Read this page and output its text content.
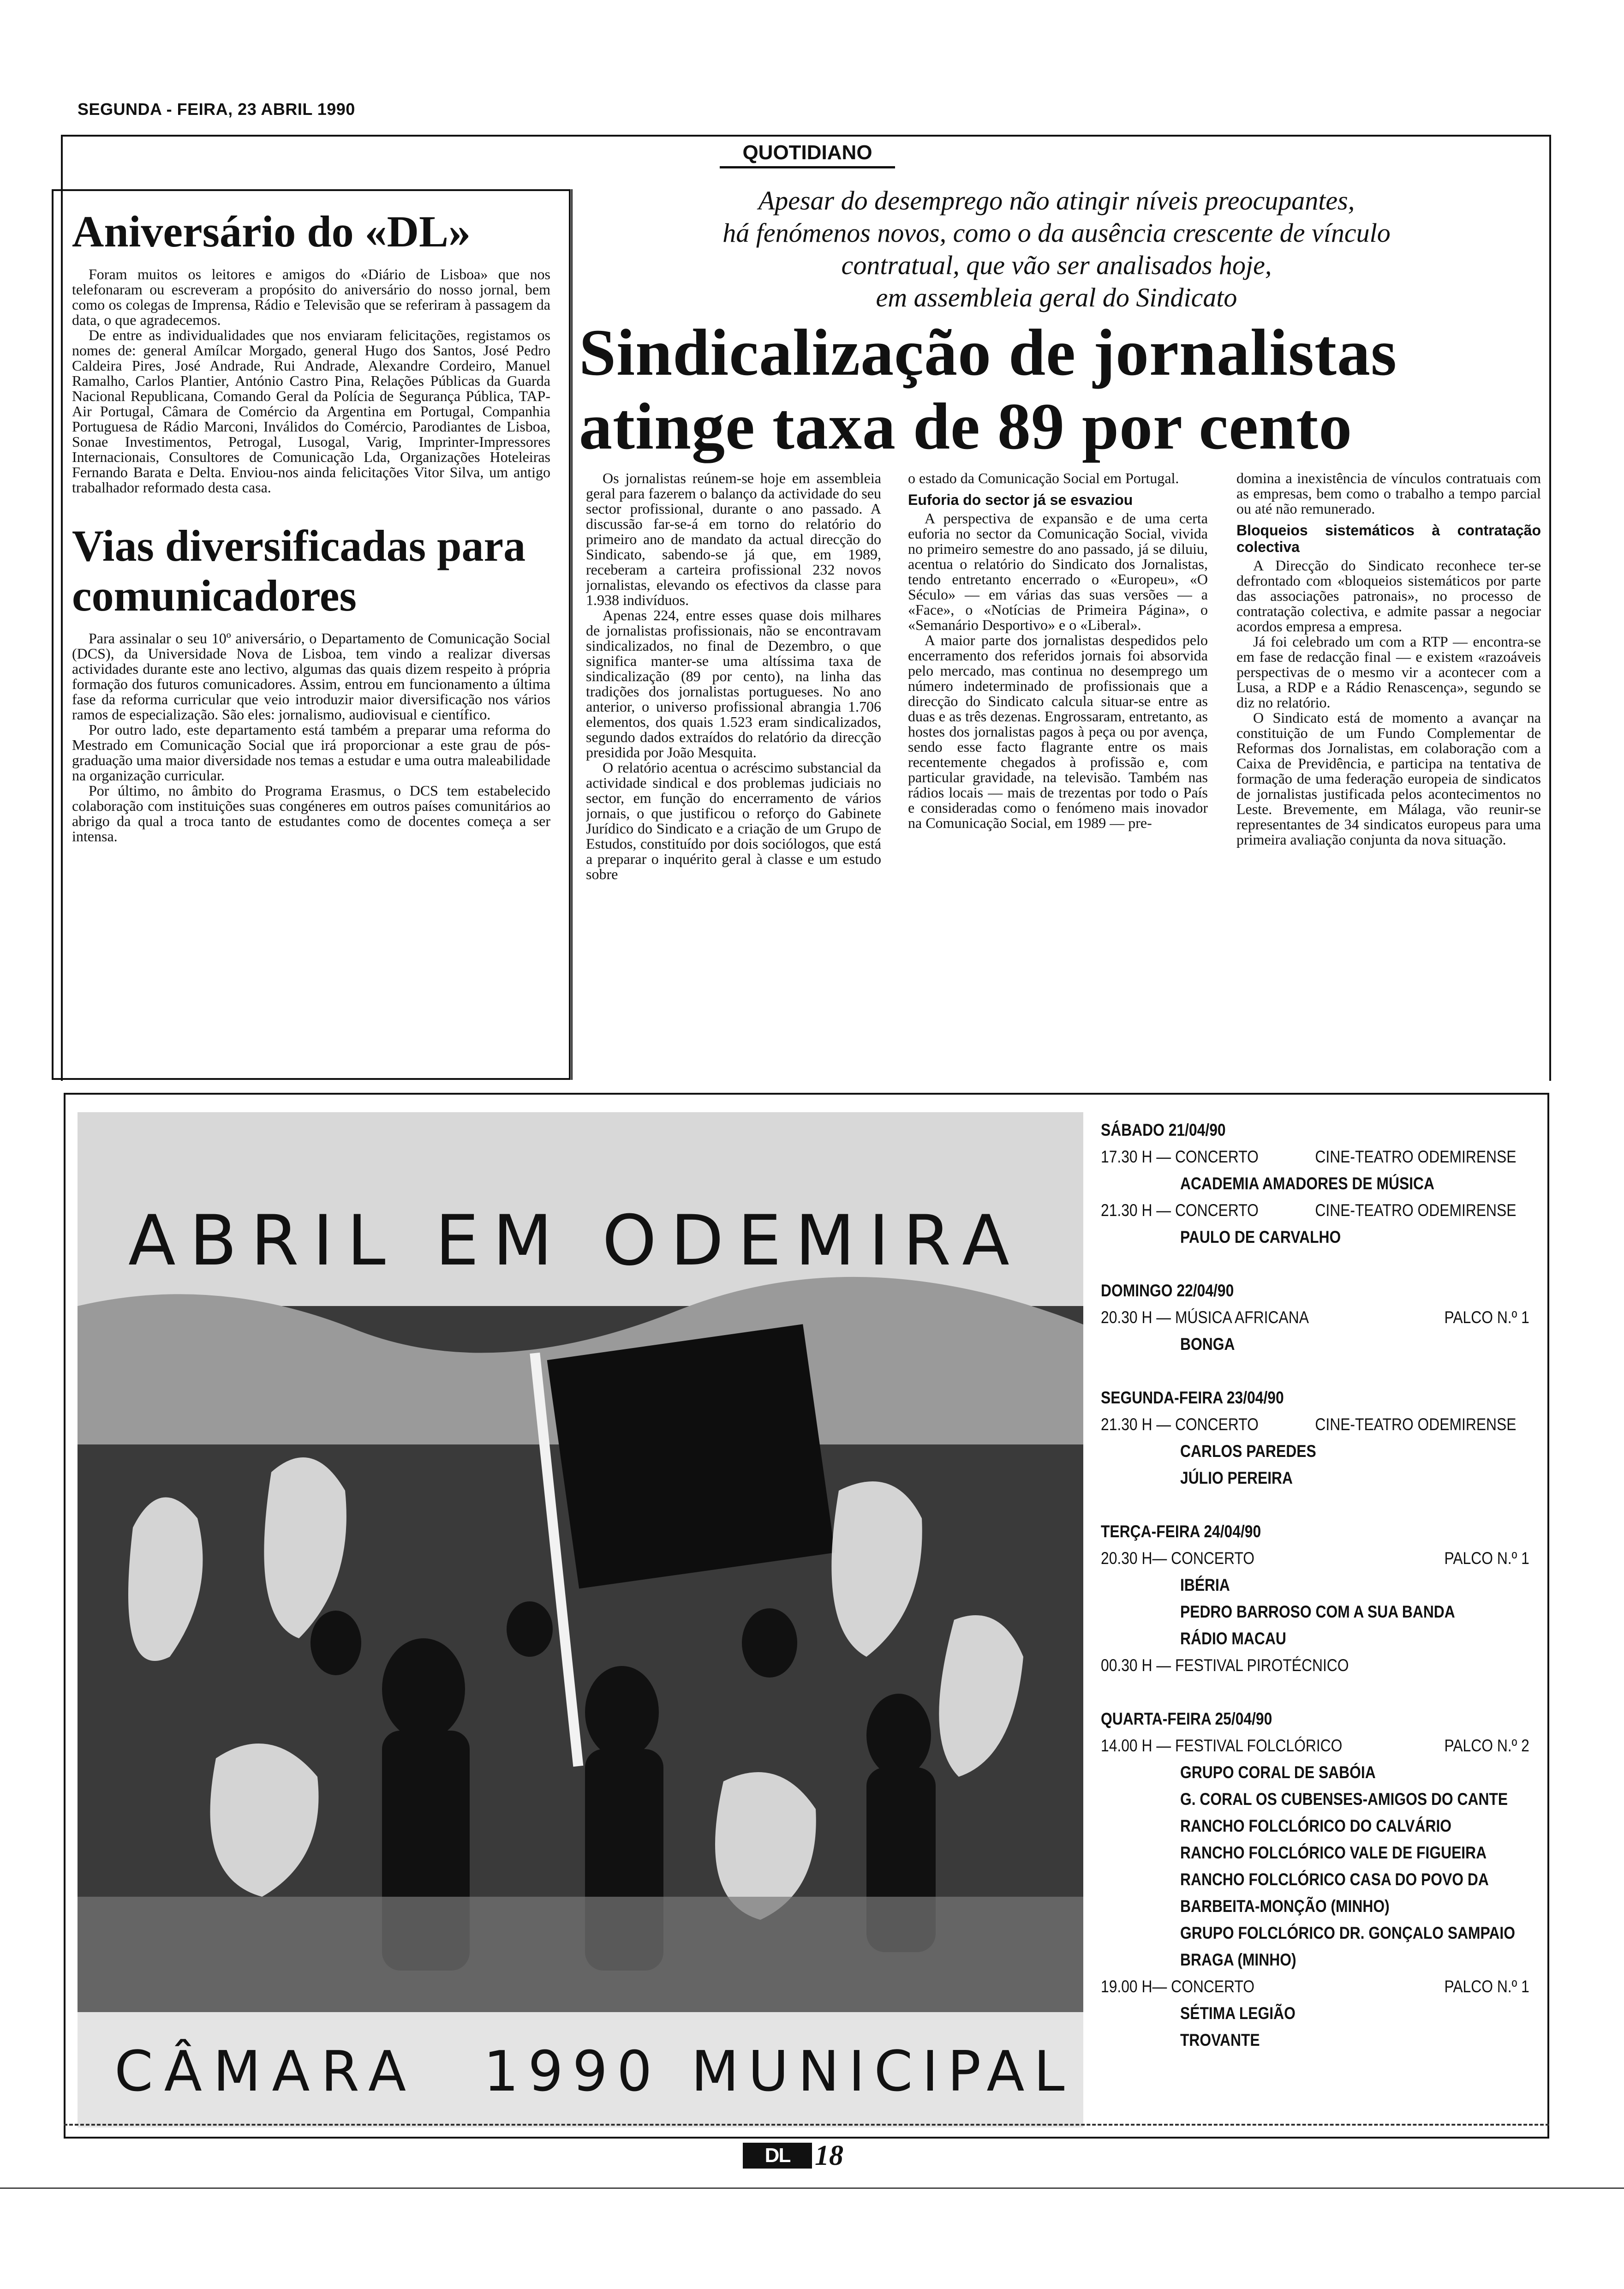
SEGUNDA - FEIRA, 23 ABRIL 1990
QUOTIDIANO
Apesar do desemprego não atingir níveis preocupantes,
há fenómenos novos, como o da ausência crescente de vínculo
contratual, que vão ser analisados hoje,
em assembleia geral do Sindicato
Sindicalização de jornalistas
atinge taxa de 89 por cento
Aniversário do «DL»

Foram muitos os leitores e amigos do «Diário de Lisboa» que nos telefonaram ou escreveram a propósito do aniversário do nosso jornal, bem como os colegas de Imprensa, Rádio e Televisão que se referiram à passagem da data, o que agradecemos.

De entre as individualidades que nos enviaram felicitações, registamos os nomes de: general Amílcar Morgado, general Hugo dos Santos, José Pedro Caldeira Pires, José Andrade, Rui Andrade, Alexandre Cordeiro, Manuel Ramalho, Carlos Plantier, António Castro Pina, Relações Públicas da Guarda Nacional Republicana, Comando Geral da Polícia de Segurança Pública, TAP-Air Portugal, Câmara de Comércio da Argentina em Portugal, Companhia Portuguesa de Rádio Marconi, Inválidos do Comércio, Parodiantes de Lisboa, Sonae Investimentos, Petrogal, Lusogal, Varig, Imprinter-Impressores Internacionais, Consultores de Comunicação Lda, Organizações Hoteleiras Fernando Barata e Delta. Enviou-nos ainda felicitações Vitor Silva, um antigo trabalhador reformado desta casa.

Vias diversificadas para comunicadores

Para assinalar o seu 10º aniversário, o Departamento de Comunicação Social (DCS), da Universidade Nova de Lisboa, tem vindo a realizar diversas actividades durante este ano lectivo, algumas das quais dizem respeito à própria formação dos futuros comunicadores. Assim, entrou em funcionamento a última fase da reforma curricular que veio introduzir maior diversificação nos vários ramos de especialização. São eles: jornalismo, audiovisual e científico.

Por outro lado, este departamento está também a preparar uma reforma do Mestrado em Comunicação Social que irá proporcionar a este grau de pós-graduação uma maior diversidade nos temas a estudar e uma outra maleabilidade na organização curricular.

Por último, no âmbito do Programa Erasmus, o DCS tem estabelecido colaboração com instituições suas congéneres em outros países comunitários ao abrigo da qual a troca tanto de estudantes como de docentes começa a ser intensa.

Os jornalistas reúnem-se hoje em assembleia geral para fazerem o balanço da actividade do seu sector profissional, durante o ano passado. A discussão far-se-á em torno do relatório do primeiro ano de mandato da actual direcção do Sindicato, sabendo-se já que, em 1989, receberam a carteira profissional 232 novos jornalistas, elevando os efectivos da classe para 1.938 indivíduos.

Apenas 224, entre esses quase dois milhares de jornalistas profissionais, não se encontravam sindicalizados, no final de Dezembro, o que significa manter-se uma altíssima taxa de sindicalização (89 por cento), na linha das tradições dos jornalistas portugueses. No ano anterior, o universo profissional abrangia 1.706 elementos, dos quais 1.523 eram sindicalizados, segundo dados extraídos do relatório da direcção presidida por João Mesquita.

O relatório acentua o acréscimo substancial da actividade sindical e dos problemas judiciais no sector, em função do encerramento de vários jornais, o que justificou o reforço do Gabinete Jurídico do Sindicato e a criação de um Grupo de Estudos, constituído por dois sociólogos, que está a preparar o inquérito geral à classe e um estudo sobre

o estado da Comunicação Social em Portugal.

Euforia do sector já se esvaziou

A perspectiva de expansão e de uma certa euforia no sector da Comunicação Social, vivida no primeiro semestre do ano passado, já se diluiu, acentua o relatório do Sindicato dos Jornalistas, tendo entretanto encerrado o «Europeu», «O Século» — em várias das suas versões — a «Face», o «Notícias de Primeira Página», o «Semanário Desportivo» e o «Liberal».

A maior parte dos jornalistas despedidos pelo encerramento dos referidos jornais foi absorvida pelo mercado, mas continua no desemprego um número indeterminado de profissionais que a direcção do Sindicato calcula situar-se entre as duas e as três dezenas. Engrossaram, entretanto, as hostes dos jornalistas pagos à peça ou por avença, sendo esse facto flagrante entre os mais recentemente chegados à profissão e, com particular gravidade, na televisão. Também nas rádios locais — mais de trezentas por todo o País e consideradas como o fenómeno mais inovador na Comunicação Social, em 1989 — pre-

domina a inexistência de vínculos contratuais com as empresas, bem como o trabalho a tempo parcial ou até não remunerado.

Bloqueios sistemáticos à contratação colectiva

A Direcção do Sindicato reconhece ter-se defrontado com «bloqueios sistemáticos por parte das associações patronais», no processo de contratação colectiva, e admite passar a negociar acordos empresa a empresa.

Já foi celebrado um com a RTP — encontra-se em fase de redacção final — e existem «razoáveis perspectivas de o mesmo vir a acontecer com a Lusa, a RDP e a Rádio Renascença», segundo se diz no relatório.

O Sindicato está de momento a avançar na constituição de um Fundo Complementar de Reformas dos Jornalistas, em colaboração com a Caixa de Previdência, e participa na tentativa de formação de uma federação europeia de sindicatos de jornalistas justificada pelos acontecimentos no Leste. Brevemente, em Málaga, vão reunir-se representantes de 34 sindicatos europeus para uma primeira avaliação conjunta da nova situação.

ABRIL EM ODEMIRA
CÂMARA 1990 MUNICIPAL
SÁBADO 21/04/90
17.30 H — CONCERTO	CINE-TEATRO ODEMIRENSE
ACADEMIA AMADORES DE MÚSICA
21.30 H — CONCERTO	CINE-TEATRO ODEMIRENSE
PAULO DE CARVALHO
DOMINGO 22/04/90
20.30 H — MÚSICA AFRICANA	PALCO N.º 1
BONGA
SEGUNDA-FEIRA 23/04/90
21.30 H — CONCERTO	CINE-TEATRO ODEMIRENSE
CARLOS PAREDES
JÚLIO PEREIRA
TERÇA-FEIRA 24/04/90
20.30 H— CONCERTO	PALCO N.º 1
IBÉRIA
PEDRO BARROSO COM A SUA BANDA
RÁDIO MACAU
00.30 H — FESTIVAL PIROTÉCNICO
QUARTA-FEIRA 25/04/90
14.00 H — FESTIVAL FOLCLÓRICO	PALCO N.º 2
GRUPO CORAL DE SABÓIA
G. CORAL OS CUBENSES-AMIGOS DO CANTE
RANCHO FOLCLÓRICO DO CALVÁRIO
RANCHO FOLCLÓRICO VALE DE FIGUEIRA
RANCHO FOLCLÓRICO CASA DO POVO DA
BARBEITA-MONÇÃO (MINHO)
GRUPO FOLCLÓRICO DR. GONÇALO SAMPAIO
BRAGA (MINHO)
19.00 H— CONCERTO	PALCO N.º 1
SÉTIMA LEGIÃO
TROVANTE
DL 18
